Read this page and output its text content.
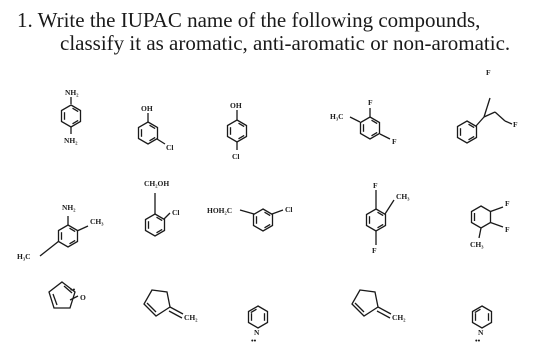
1. Write the IUPAC name of the following compounds,
classify it as aromatic, anti-aromatic or non-aromatic.
NH₂
NH₂
OH
Cl
OH
Cl
H₃C
F
F
F
F
NH₂
CH₃
H₃C
CH₂OH
Cl	HOH₂C	Cl
F
CH₃
F
F
F
CH₃
O
••
CH₂
N
••
CH₂
N
••
